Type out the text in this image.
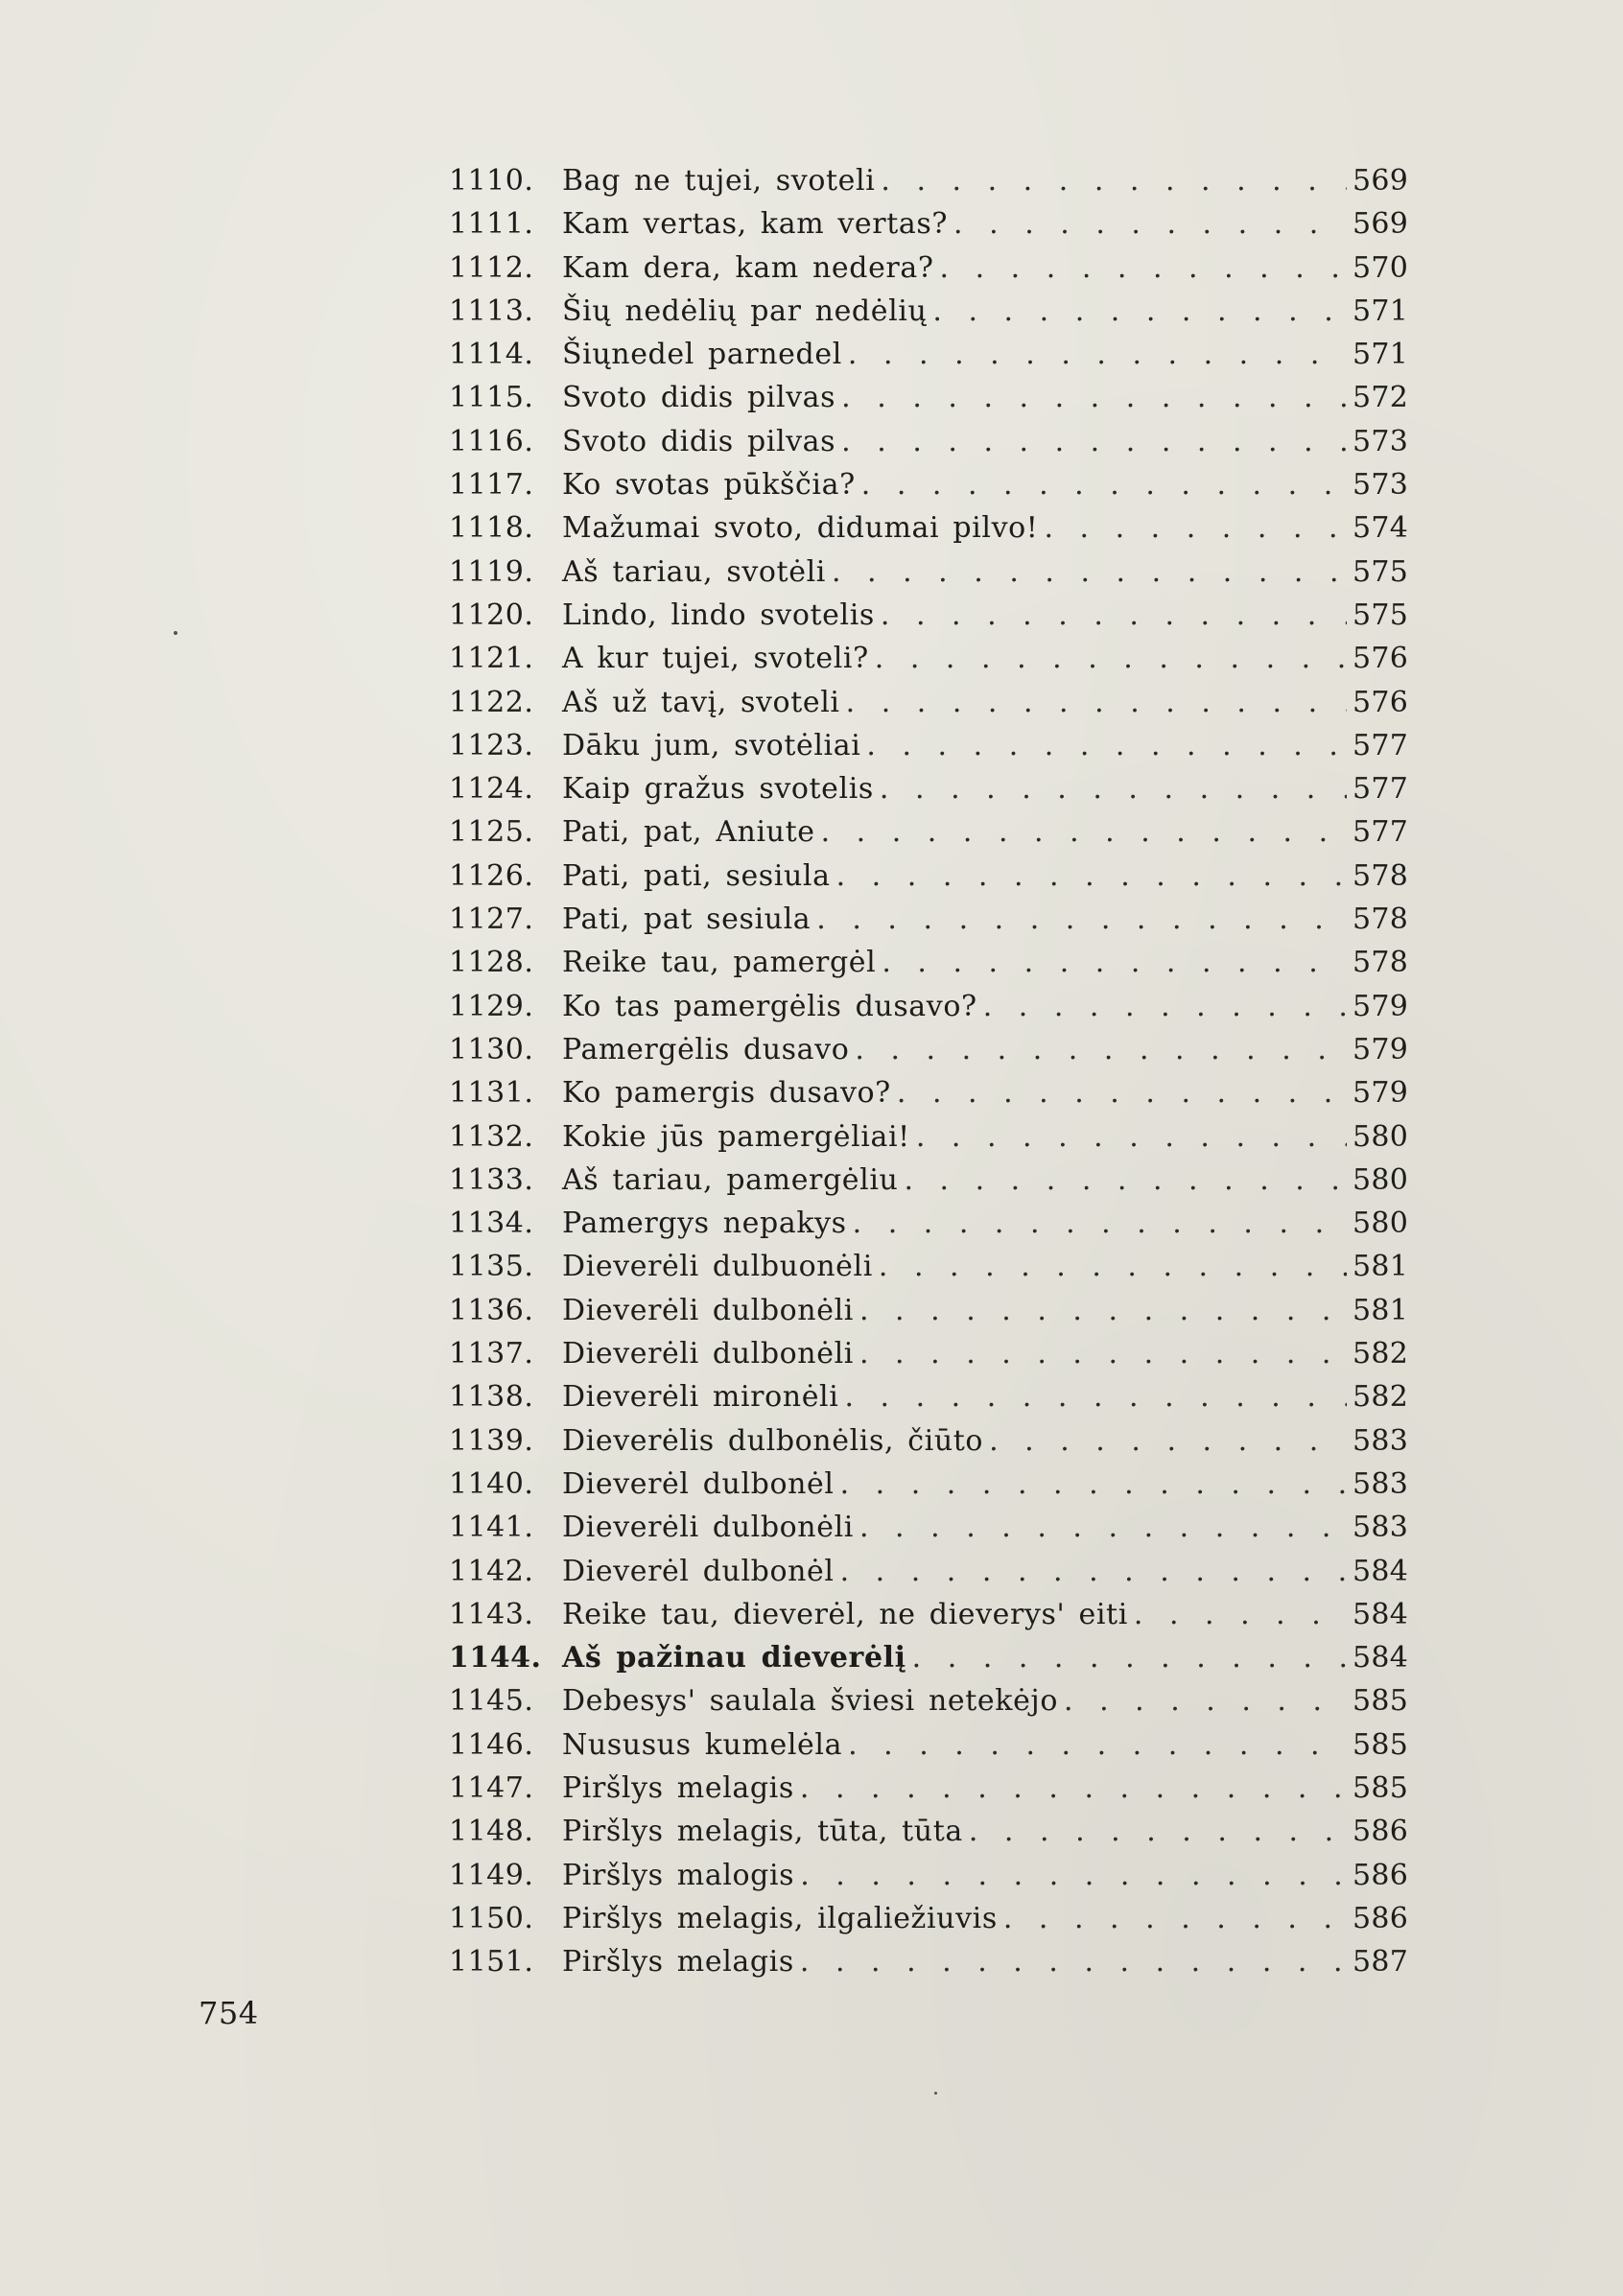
1110. Bag ne tujei, svoteli . . .	569
1111. Kam vertas, kam vertas? . . .	569
1112. Kam dera, kam nedera? . . .	570
1113. Šių nedėlių par nedėlių . . .	571
1114. Šiųnedel parnedel . . .	571
1115. Svoto didis pilvas . . .	572
1116. Svoto didis pilvas . . .	573
1117. Ko svotas pūkščia? . . .	573
1118. Mažumai svoto, didumai pilvo! . . .	574
1119. Aš tariau, svotėli . . .	575
1120. Lindo, lindo svotelis . . .	575
1121. A kur tujei, svoteli? . . .	576
1122. Aš už tavį, svoteli . . .	576
1123. Dāku jum, svotėliai . . .	577
1124. Kaip gražus svotelis . . .	577
1125. Pati, pat, Aniute . . .	577
1126. Pati, pati, sesiula . . .	578
1127. Pati, pat sesiula . . .	578
1128. Reike tau, pamergėl . . .	578
1129. Ko tas pamergėlis dusavo? . . .	579
1130. Pamergėlis dusavo . . .	579
1131. Ko pamergis dusavo? . . .	579
1132. Kokie jūs pamergėliai! . . .	580
1133. Aš tariau, pamergėliu . . .	580
1134. Pamergys nepakys . . .	580
1135. Dieverėli dulbuonėli . . .	581
1136. Dieverėli dulbonėli . . .	581
1137. Dieverėli dulbonėli . . .	582
1138. Dieverėli mironėli . . .	582
1139. Dieverėlis dulbonėlis, čiūto . . .	583
1140. Dieverėl dulbonėl . . .	583
1141. Dieverėli dulbonėli . . .	583
1142. Dieverėl dulbonėl . . .	584
1143. Reike tau, dieverėl, ne dieverys' eiti . . .	584
1144. Aš pažinau dieverėlį . . .	584
1145. Debesys' saulala šviesi netekėjo . . .	585
1146. Nususus kumelėla . . .	585
1147. Piršlys melagis . . .	585
1148. Piršlys melagis, tūta, tūta . . .	586
1149. Piršlys malogis . . .	586
1150. Piršlys melagis, ilgaliežiuvis . . .	586
1151. Piršlys melagis . . .	587
754
